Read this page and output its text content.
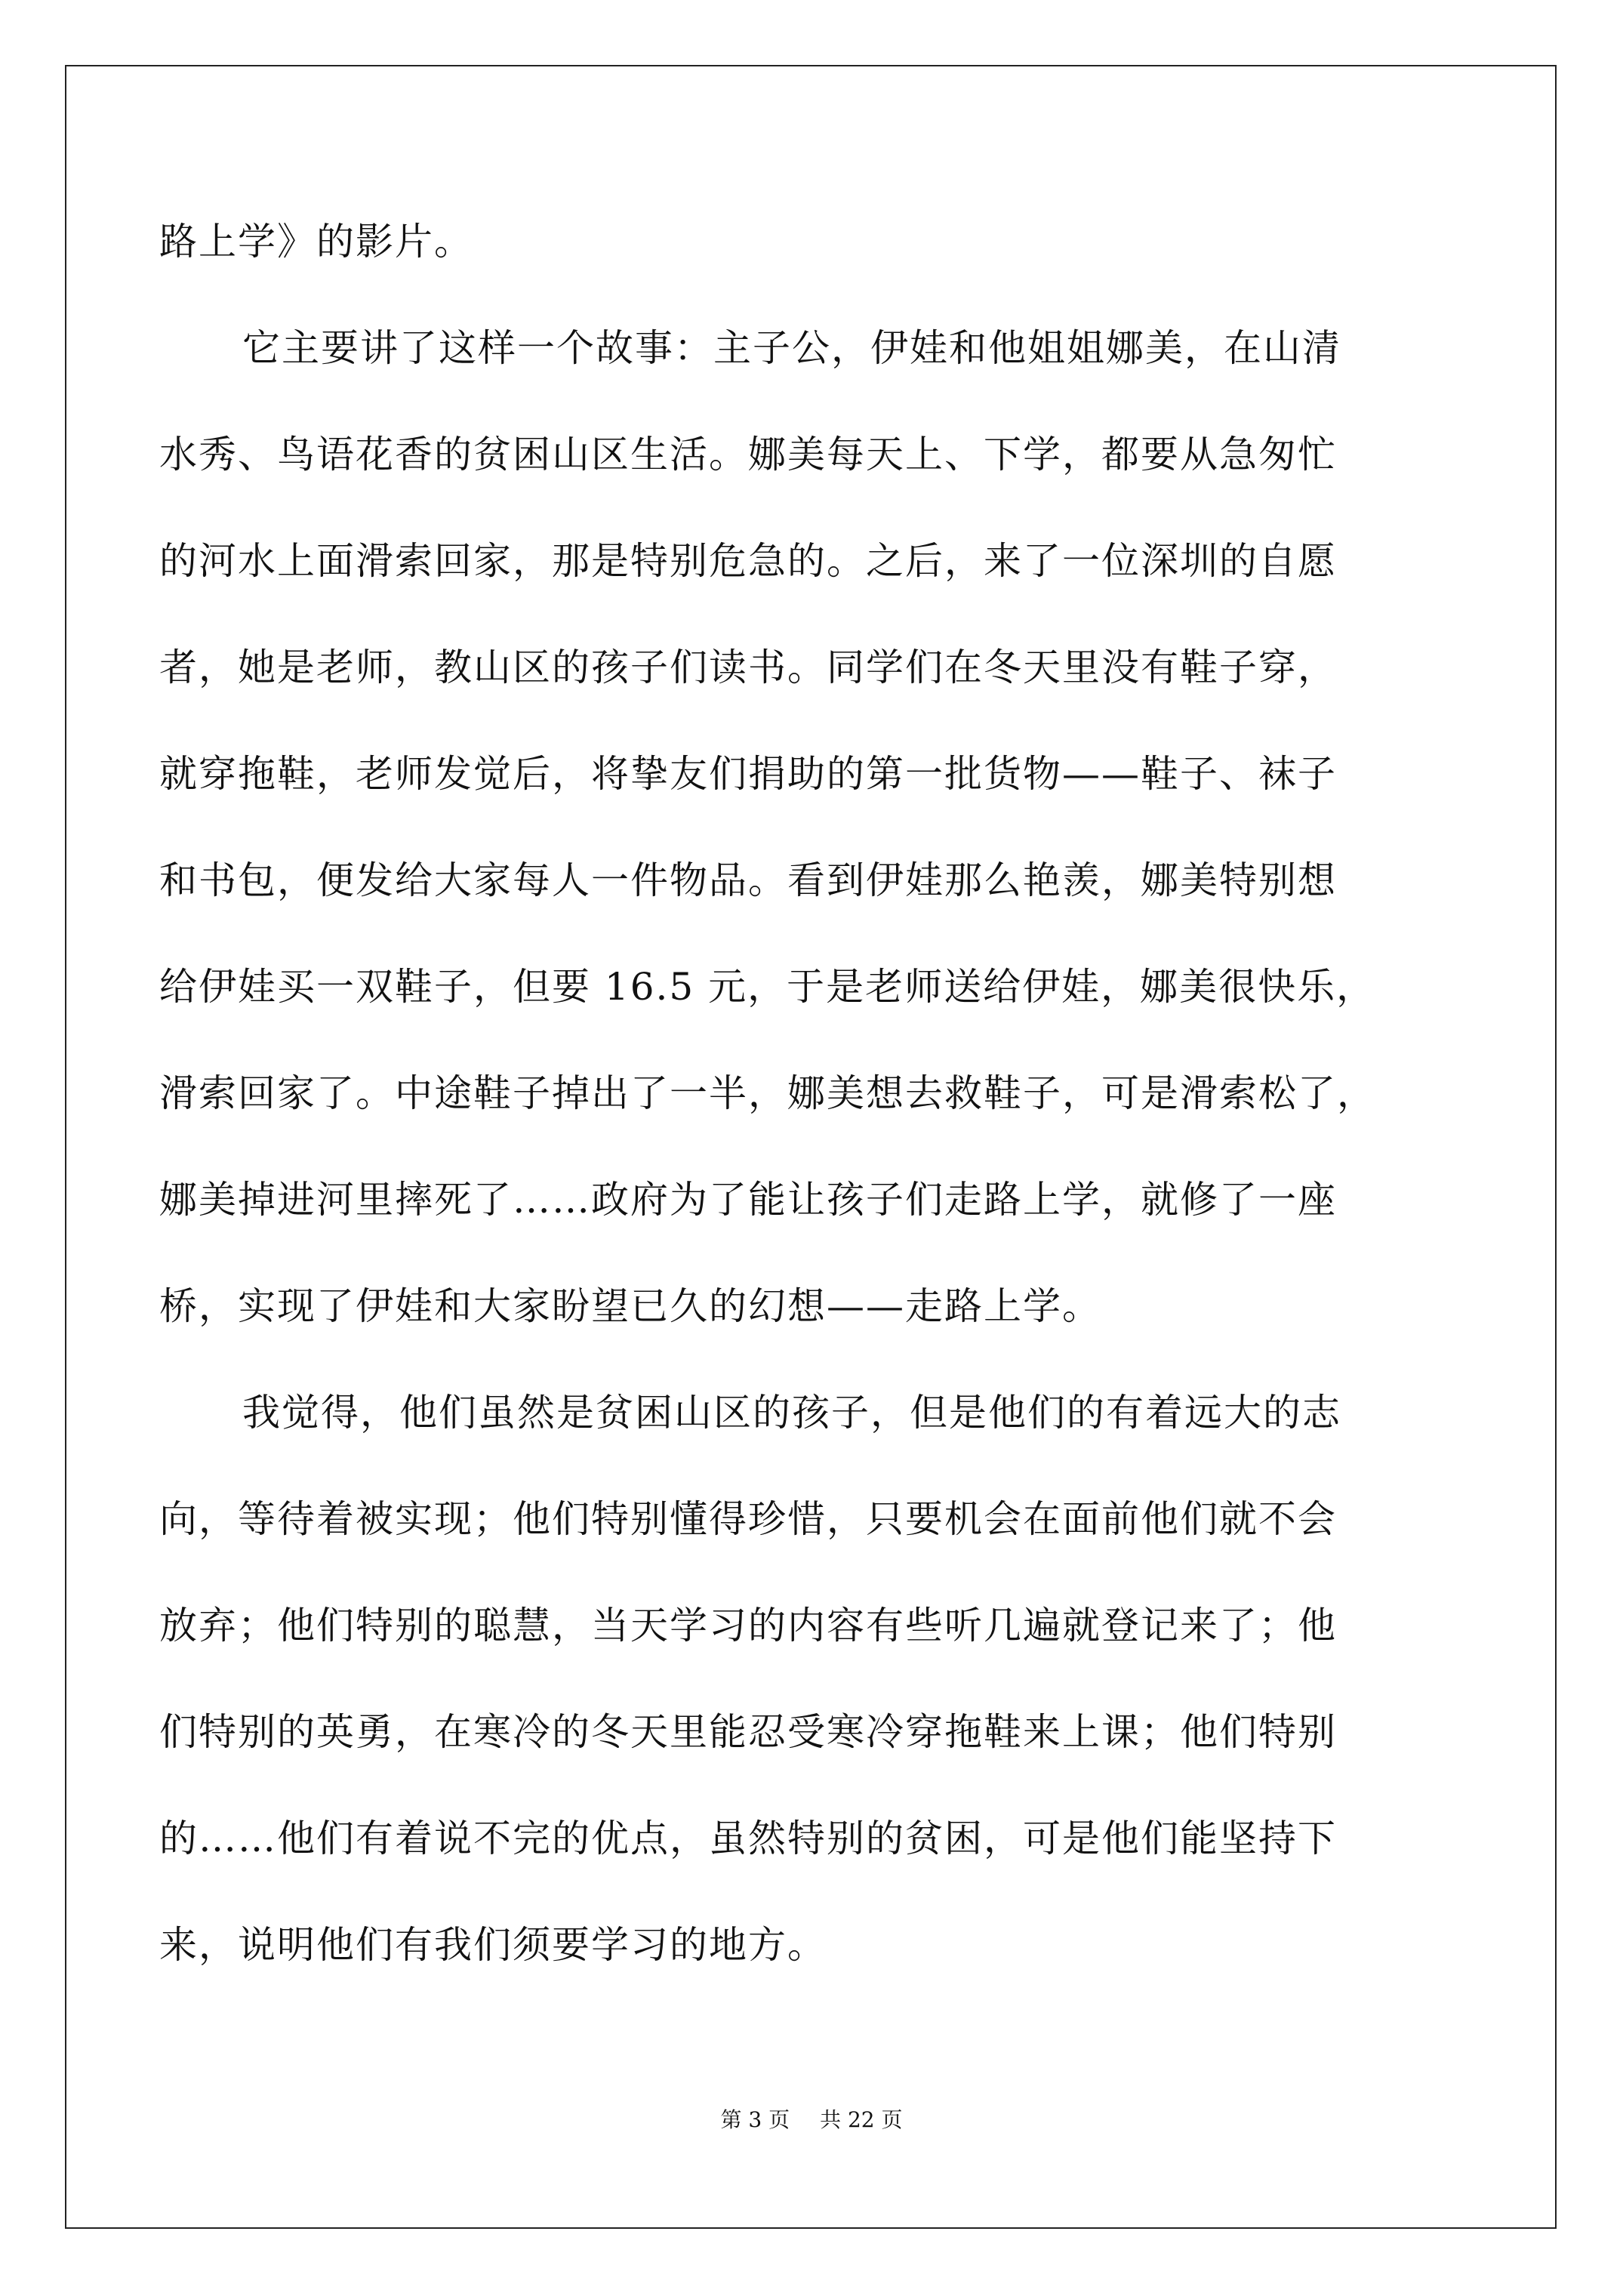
路上学》的影片。
它主要讲了这样一个故事：主子公，伊娃和他姐姐娜美，在山清
水秀、鸟语花香的贫困山区生活。娜美每天上、下学，都要从急匆忙
的河水上面滑索回家，那是特别危急的。之后，来了一位深圳的自愿
者，她是老师，教山区的孩子们读书。同学们在冬天里没有鞋子穿，
就穿拖鞋，老师发觉后，将挚友们捐助的第一批货物——鞋子、袜子
和书包，便发给大家每人一件物品。看到伊娃那么艳羡，娜美特别想
给伊娃买一双鞋子，但要 16.5 元，于是老师送给伊娃，娜美很快乐，
滑索回家了。中途鞋子掉出了一半，娜美想去救鞋子，可是滑索松了，
娜美掉进河里摔死了……政府为了能让孩子们走路上学，就修了一座
桥，实现了伊娃和大家盼望已久的幻想——走路上学。
我觉得，他们虽然是贫困山区的孩子，但是他们的有着远大的志
向，等待着被实现；他们特别懂得珍惜，只要机会在面前他们就不会
放弃；他们特别的聪慧，当天学习的内容有些听几遍就登记来了；他
们特别的英勇，在寒冷的冬天里能忍受寒冷穿拖鞋来上课；他们特别
的……他们有着说不完的优点，虽然特别的贫困，可是他们能坚持下
来，说明他们有我们须要学习的地方。
第 3 页 共 22 页
